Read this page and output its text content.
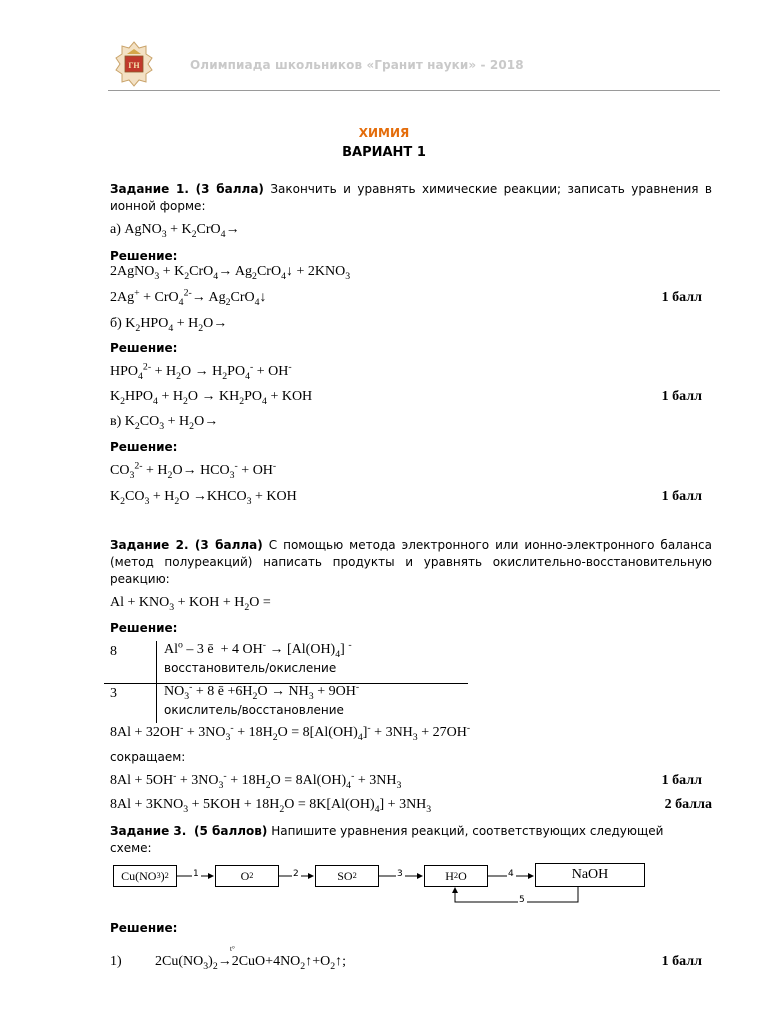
ГН	Олимпиада школьников «Гранит науки» - 2018
ХИМИЯ
ВАРИАНТ 1
Задание 1. (3 балла) Закончить и уравнять химические реакции; записать уравнения в ионной форме:
а) AgNO$_3$ + $K_2CrO_4\to$
Решение:
2AgNO$_3$ + $K_2CrO_4\to$ $Ag_2CrO_4↓ + 2KNO_3$
$2Ag^+ + CrO_4^{2-}\to Ag_2CrO_4↓$	1 балл
б) $K_2HPO_4 + H_2O\to$
Решение:
$HPO_4^{2-} + H_2O \to H_2PO_4^- + OH^-$
$K_2HPO_4 + H_2O \to KH_2PO_4$ + KOH	1 балл
в) $K_2CO_3 + H_2O\to$
Решение:
$CO_3^{2-} + H_2O\to HCO_3^- + OH^-$
$K_2CO_3 + H_2O$ $\to KHCO_3$ + KOH	1 балл
Задание 2. (3 балла) С помощью метода электронного или ионно-электронного баланса (метод полуреакций) написать продукты и уравнять окислительно-восстановительную реакцию:
$Al + KNO_3$ + KOH + $H_2O$ =
Решение:
8	Al$^o$ – 3 ē  + 4 $OH^- \to [Al(OH)_4]$ -
восстановитель/окисление
3	$NO_3^- + 8$ ē $+6H_2O \to NH_3 + 9OH^-$
окислитель/восстановление
$8Al + 32OH^- + 3NO_3^- + 18H_2O = 8[Al(OH)_4]^- + 3NH_3 + 27OH^-$
сокращаем:
$8Al + 5OH^- + 3NO_3^- + 18H_2O = 8Al(OH)_4^- + 3NH_3$	1 балл
$8Al + 3KNO_3 + 5KOH + 18H_2O = 8K[Al(OH)_4] + 3NH_3$	2 балла
Задание 3. (5 баллов) Напишите уравнения реакций, соответствующих следующей схеме:
Cu(NO 3 ) 2	O 2	SO 2	H 2 O	NaOH
1	2	3	4
5
Решение:
1)
t°
$2Cu(NO_3)_2\to 2CuO+4NO_2↑+O_2↑$;	1 балл
